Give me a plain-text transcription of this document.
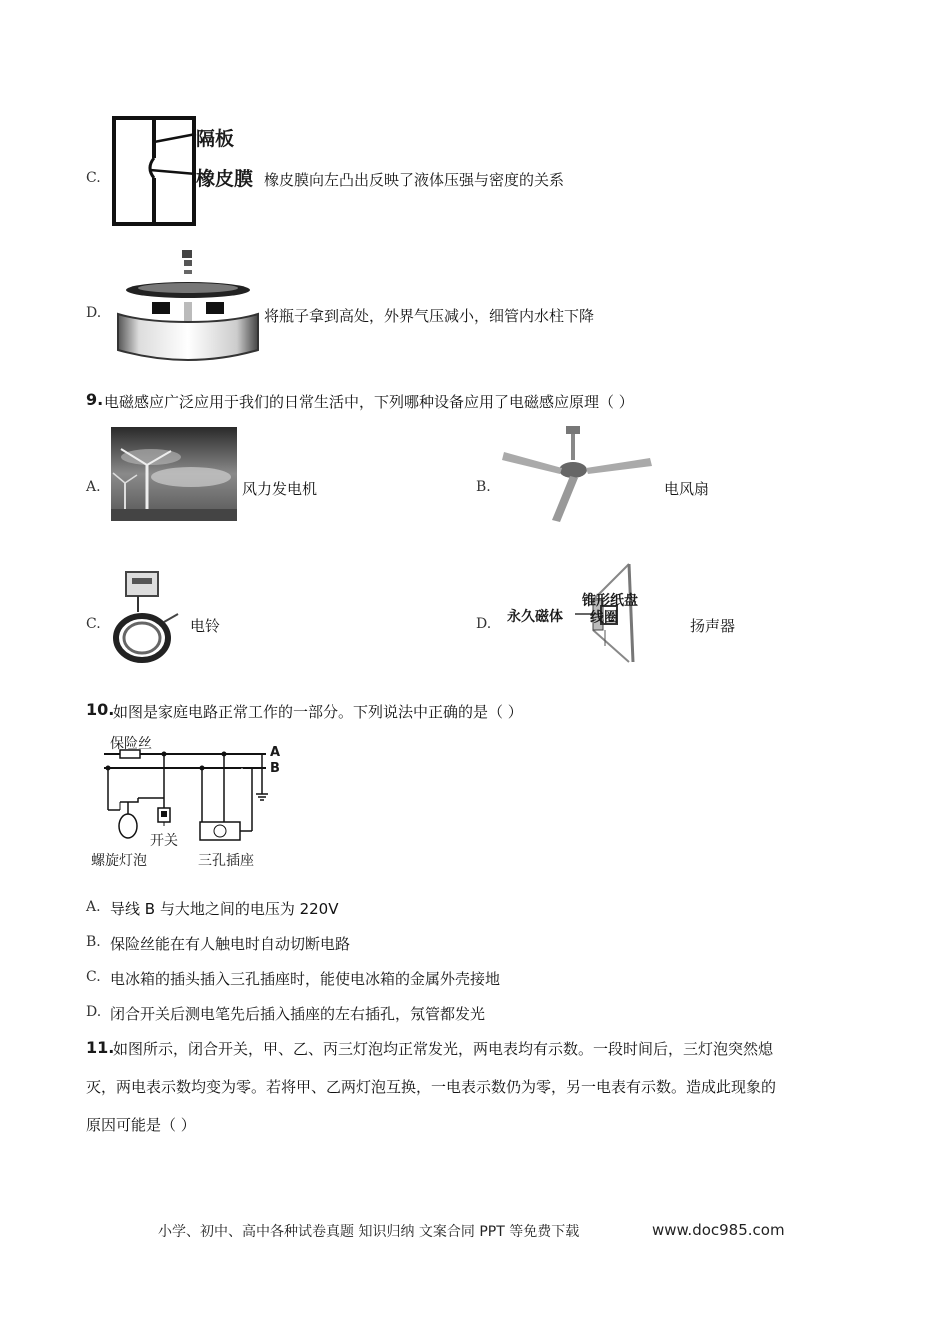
C.
隔板
橡皮膜 橡皮膜向左凸出反映了液体压强与密度的关系
D.	将瓶子拿到高处，外界气压减小，细管内水柱下降
9. 电磁感应广泛应用于我们的日常生活中，下列哪种设备应用了电磁感应原理（ ）
A.	风力发电机	B.	电风扇
C.	电铃	D.
锥形纸盘
永久磁体 线圈	扬声器
10.
如图是家庭电路正常工作的一部分。下列说法中正确的是（ ）
保险丝
A
B
开关
螺旋灯泡	三孔插座
A. 导线 B 与大地之间的电压为 220V
B. 保险丝能在有人触电时自动切断电路
C. 电冰箱的插头插入三孔插座时，能使电冰箱的金属外壳接地
D. 闭合开关后测电笔先后插入插座的左右插孔，氖管都发光
11.
如图所示，闭合开关，甲、乙、丙三灯泡均正常发光，两电表均有示数。一段时间后，三灯泡突然熄
灭，两电表示数均变为零。若将甲、乙两灯泡互换，一电表示数仍为零，另一电表有示数。造成此现象的
原因可能是（ ）
小学、初中、高中各种试卷真题 知识归纳 文案合同 PPT 等免费下载	www.doc985.com
